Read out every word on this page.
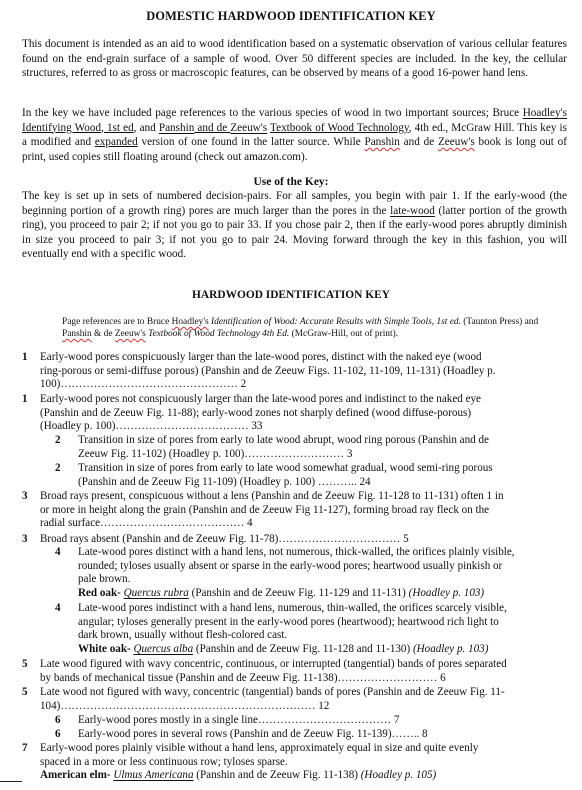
DOMESTIC HARDWOOD IDENTIFICATION KEY
This document is intended as an aid to wood identification based on a systematic observation of various cellular features found on the end-grain surface of a sample of wood. Over 50 different species are included. In the key, the cellular structures, referred to as gross or macroscopic features, can be observed by means of a good 16-power hand lens.
In the key we have included page references to the various species of wood in two important sources; Bruce Hoadley's Identifying Wood, 1st ed, and Panshin and de Zeeuw's Textbook of Wood Technology, 4th ed., McGraw Hill. This key is a modified and expanded version of one found in the latter source. While Panshin and de Zeeuw's book is long out of print, used copies still floating around (check out amazon.com).
Use of the Key:
The key is set up in sets of numbered decision-pairs. For all samples, you begin with pair 1. If the early-wood (the beginning portion of a growth ring) pores are much larger than the pores in the late-wood (latter portion of the growth ring), you proceed to pair 2; if not you go to pair 33. If you chose pair 2, then if the early-wood pores abruptly diminish in size you proceed to pair 3; if not you go to pair 24. Moving forward through the key in this fashion, you will eventually end with a specific wood.
HARDWOOD IDENTIFICATION KEY
Page references are to Bruce Hoadley's Identification of Wood: Accurate Results with Simple Tools, 1st ed. (Taunton Press) and Panshin & de Zeeuw's Textbook of Wood Technology 4th Ed. (McGraw-Hill, out of print).
1 Early-wood pores conspicuously larger than the late-wood pores, distinct with the naked eye (wood
ring-porous or semi-diffuse porous) (Panshin and de Zeeuw Figs. 11-102, 11-109, 11-131) (Hoadley p.
100)………………………………………… 2
1 Early-wood pores not conspicuously larger than the late-wood pores and indistinct to the naked eye
(Panshin and de Zeeuw Fig. 11-88); early-wood zones not sharply defined (wood diffuse-porous)
(Hoadley p. 100)……………………………… 33
2 Transition in size of pores from early to late wood abrupt, wood ring porous (Panshin and de
Zeeuw Fig. 11-102) (Hoadley p. 100)……………………… 3
2 Transition in size of pores from early to late wood somewhat gradual, wood semi-ring porous
(Panshin and de Zeeuw Fig 11-109) (Hoadley p. 100) ……….. 24
3 Broad rays present, conspicuous without a lens (Panshin and de Zeeuw Fig. 11-128 to 11-131) often 1 in
or more in height along the grain (Panshin and de Zeeuw Fig 11-127), forming broad ray fleck on the
radial surface………………………………… 4
3 Broad rays absent (Panshin and de Zeeuw Fig. 11-78)…………………………… 5
4 Late-wood pores distinct with a hand lens, not numerous, thick-walled, the orifices plainly visible,
rounded; tyloses usually absent or sparse in the early-wood pores; heartwood usually pinkish or
pale brown.
Red oak- Quercus rubra (Panshin and de Zeeuw Fig. 11-129 and 11-131) (Hoadley p. 103)
4 Late-wood pores indistinct with a hand lens, numerous, thin-walled, the orifices scarcely visible,
angular; tyloses generally present in the early-wood pores (heartwood); heartwood rich light to
dark brown, usually without flesh-colored cast.
White oak- Quercus alba (Panshin and de Zeeuw Fig. 11-128 and 11-130) (Hoadley p. 103)
5 Late wood figured with wavy concentric, continuous, or interrupted (tangential) bands of pores separated
by bands of mechanical tissue (Panshin and de Zeeuw Fig. 11-138)……………………… 6
5 Late wood not figured with wavy, concentric (tangential) bands of pores (Panshin and de Zeeuw Fig. 11-
104)…………………………………………………………… 12
6 Early-wood pores mostly in a single line……………………………… 7
6 Early-wood pores in several rows (Panshin and de Zeeuw Fig. 11-139)…….. 8
7 Early-wood pores plainly visible without a hand lens, approximately equal in size and quite evenly
spaced in a more or less continuous row; tyloses sparse.
American elm- Ulmus Americana (Panshin and de Zeeuw Fig. 11-138) (Hoadley p. 105)
